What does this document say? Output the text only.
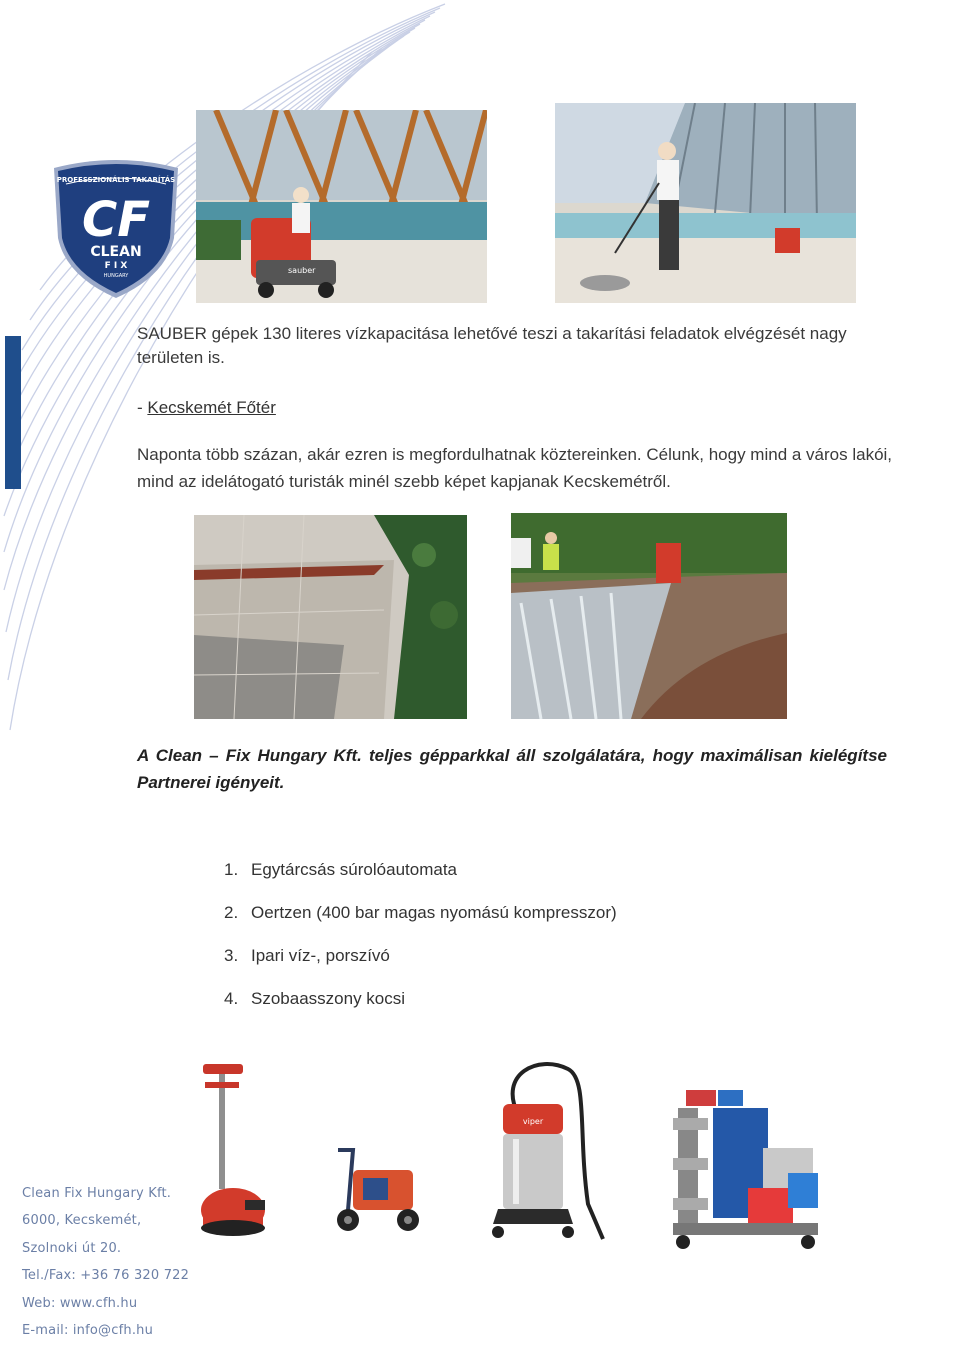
PROFESSZIONÁLIS TAKARÍTÁS
CF
CLEAN
F I X
HUNGARY
sauber
SAUBER gépek 130 literes vízkapacitása lehetővé teszi a takarítási feladatok elvégzését nagy területen is.
- Kecskemét Főtér
Naponta több százan, akár ezren is megfordulhatnak köztereinken. Célunk, hogy mind a város lakói, mind az idelátogató turisták minél szebb képet kapjanak Kecskemétről.
A Clean – Fix Hungary Kft. teljes gépparkkal áll szolgálatára, hogy maximálisan kielégítse Partnerei igényeit.
1. Egytárcsás súrolóautomata
2. Oertzen (400 bar magas nyomású kompresszor)
3. Ipari víz-, porszívó
4. Szobaasszony kocsi
viper
Clean Fix Hungary Kft.
6000, Kecskemét,
Szolnoki út 20.
Tel./Fax: +36 76 320 722
Web: www.cfh.hu
E-mail: info@cfh.hu
